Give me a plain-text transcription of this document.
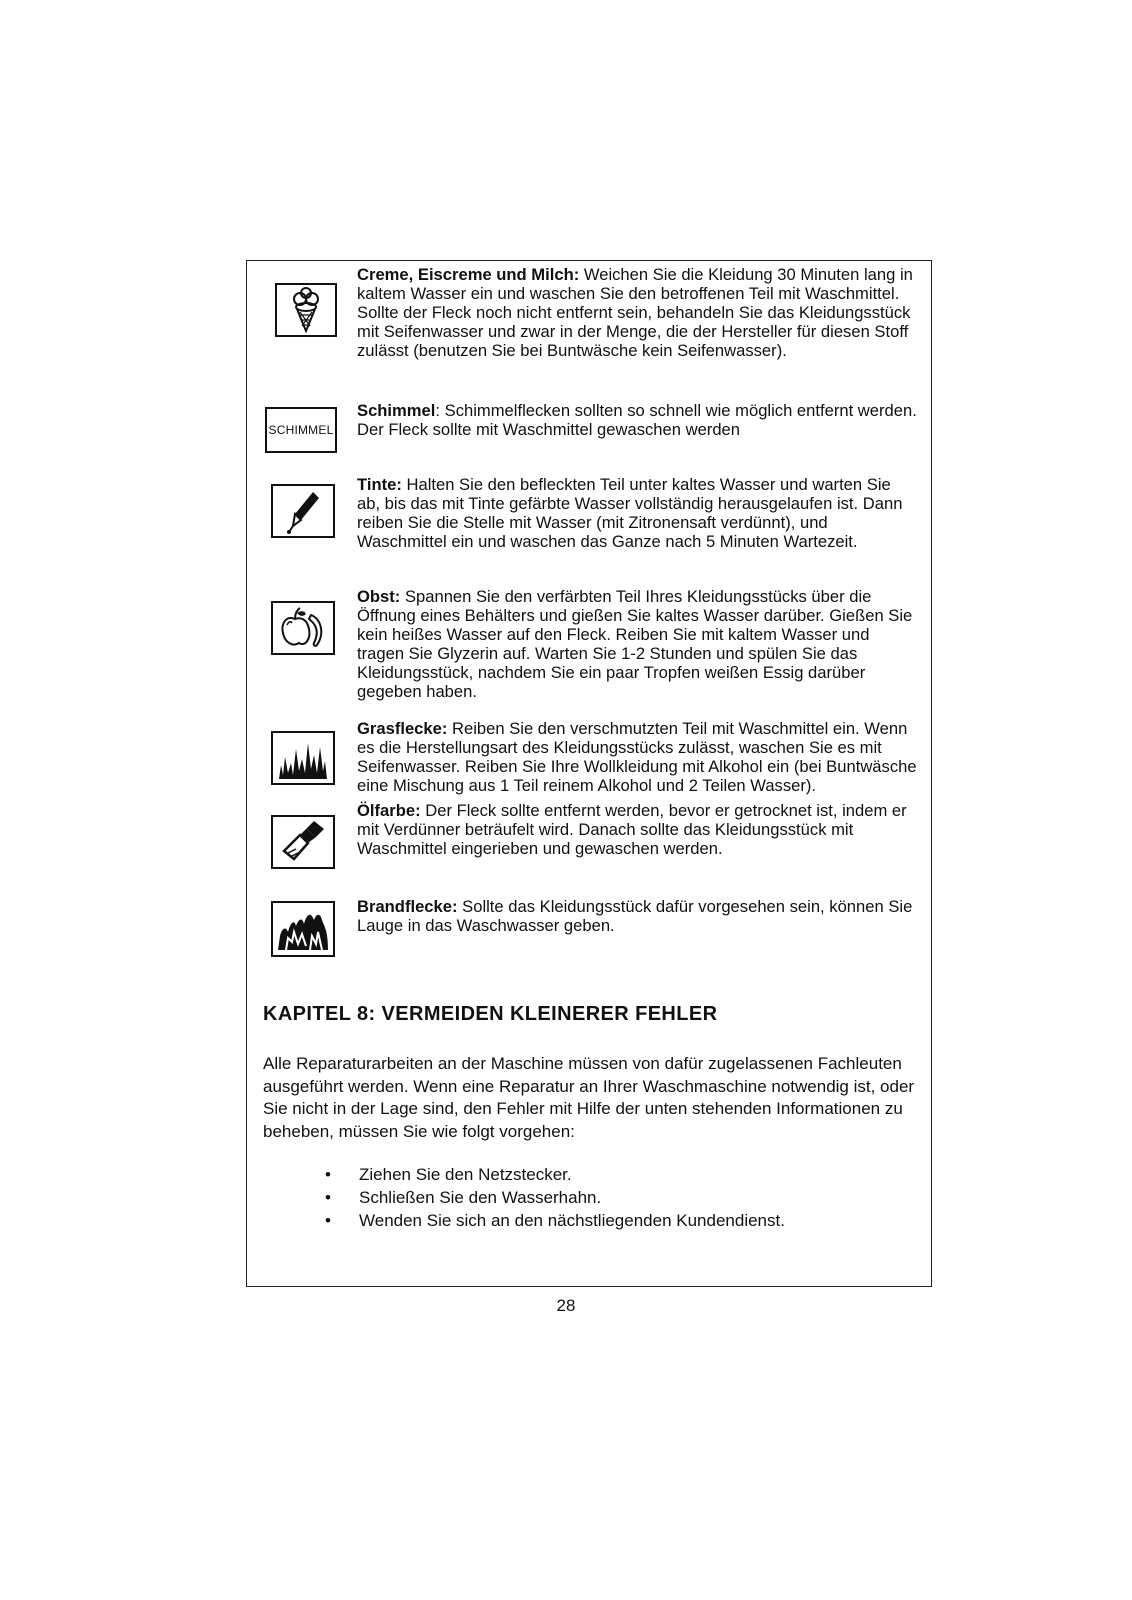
Creme, Eiscreme und Milch: Weichen Sie die Kleidung 30 Minuten lang in kaltem Wasser ein und waschen Sie den betroffenen Teil mit Waschmittel. Sollte der Fleck noch nicht entfernt sein, behandeln Sie das Kleidungsstück mit Seifenwasser und zwar in der Menge, die der Hersteller für diesen Stoff zulässt (benutzen Sie bei Buntwäsche kein Seifenwasser).
SCHIMMEL
Schimmel: Schimmelflecken sollten so schnell wie möglich entfernt werden. Der Fleck sollte mit Waschmittel gewaschen werden
Tinte: Halten Sie den befleckten Teil unter kaltes Wasser und warten Sie ab, bis das mit Tinte gefärbte Wasser vollständig herausgelaufen ist. Dann reiben Sie die Stelle mit Wasser (mit Zitronensaft verdünnt), und Waschmittel ein und waschen das Ganze nach 5 Minuten Wartezeit.
Obst: Spannen Sie den verfärbten Teil Ihres Kleidungsstücks über die Öffnung eines Behälters und gießen Sie kaltes Wasser darüber. Gießen Sie kein heißes Wasser auf den Fleck. Reiben Sie mit kaltem Wasser und tragen Sie Glyzerin auf. Warten Sie 1-2 Stunden und spülen Sie das Kleidungsstück, nachdem Sie ein paar Tropfen weißen Essig darüber gegeben haben.
Grasflecke: Reiben Sie den verschmutzten Teil mit Waschmittel ein. Wenn es die Herstellungsart des Kleidungsstücks zulässt, waschen Sie es mit Seifenwasser. Reiben Sie Ihre Wollkleidung mit Alkohol ein (bei Buntwäsche eine Mischung aus 1 Teil reinem Alkohol und 2 Teilen Wasser).
Ölfarbe: Der Fleck sollte entfernt werden, bevor er getrocknet ist, indem er mit Verdünner beträufelt wird. Danach sollte das Kleidungsstück mit Waschmittel eingerieben und gewaschen werden.
Brandflecke: Sollte das Kleidungsstück dafür vorgesehen sein, können Sie Lauge in das Waschwasser geben.
KAPITEL 8: VERMEIDEN KLEINERER FEHLER
Alle Reparaturarbeiten an der Maschine müssen von dafür zugelassenen Fachleuten ausgeführt werden. Wenn eine Reparatur an Ihrer Waschmaschine notwendig ist, oder Sie nicht in der Lage sind, den Fehler mit Hilfe der unten stehenden Informationen zu beheben, müssen Sie wie folgt vorgehen:
• Ziehen Sie den Netzstecker.
• Schließen Sie den Wasserhahn.
• Wenden Sie sich an den nächstliegenden Kundendienst.
28
